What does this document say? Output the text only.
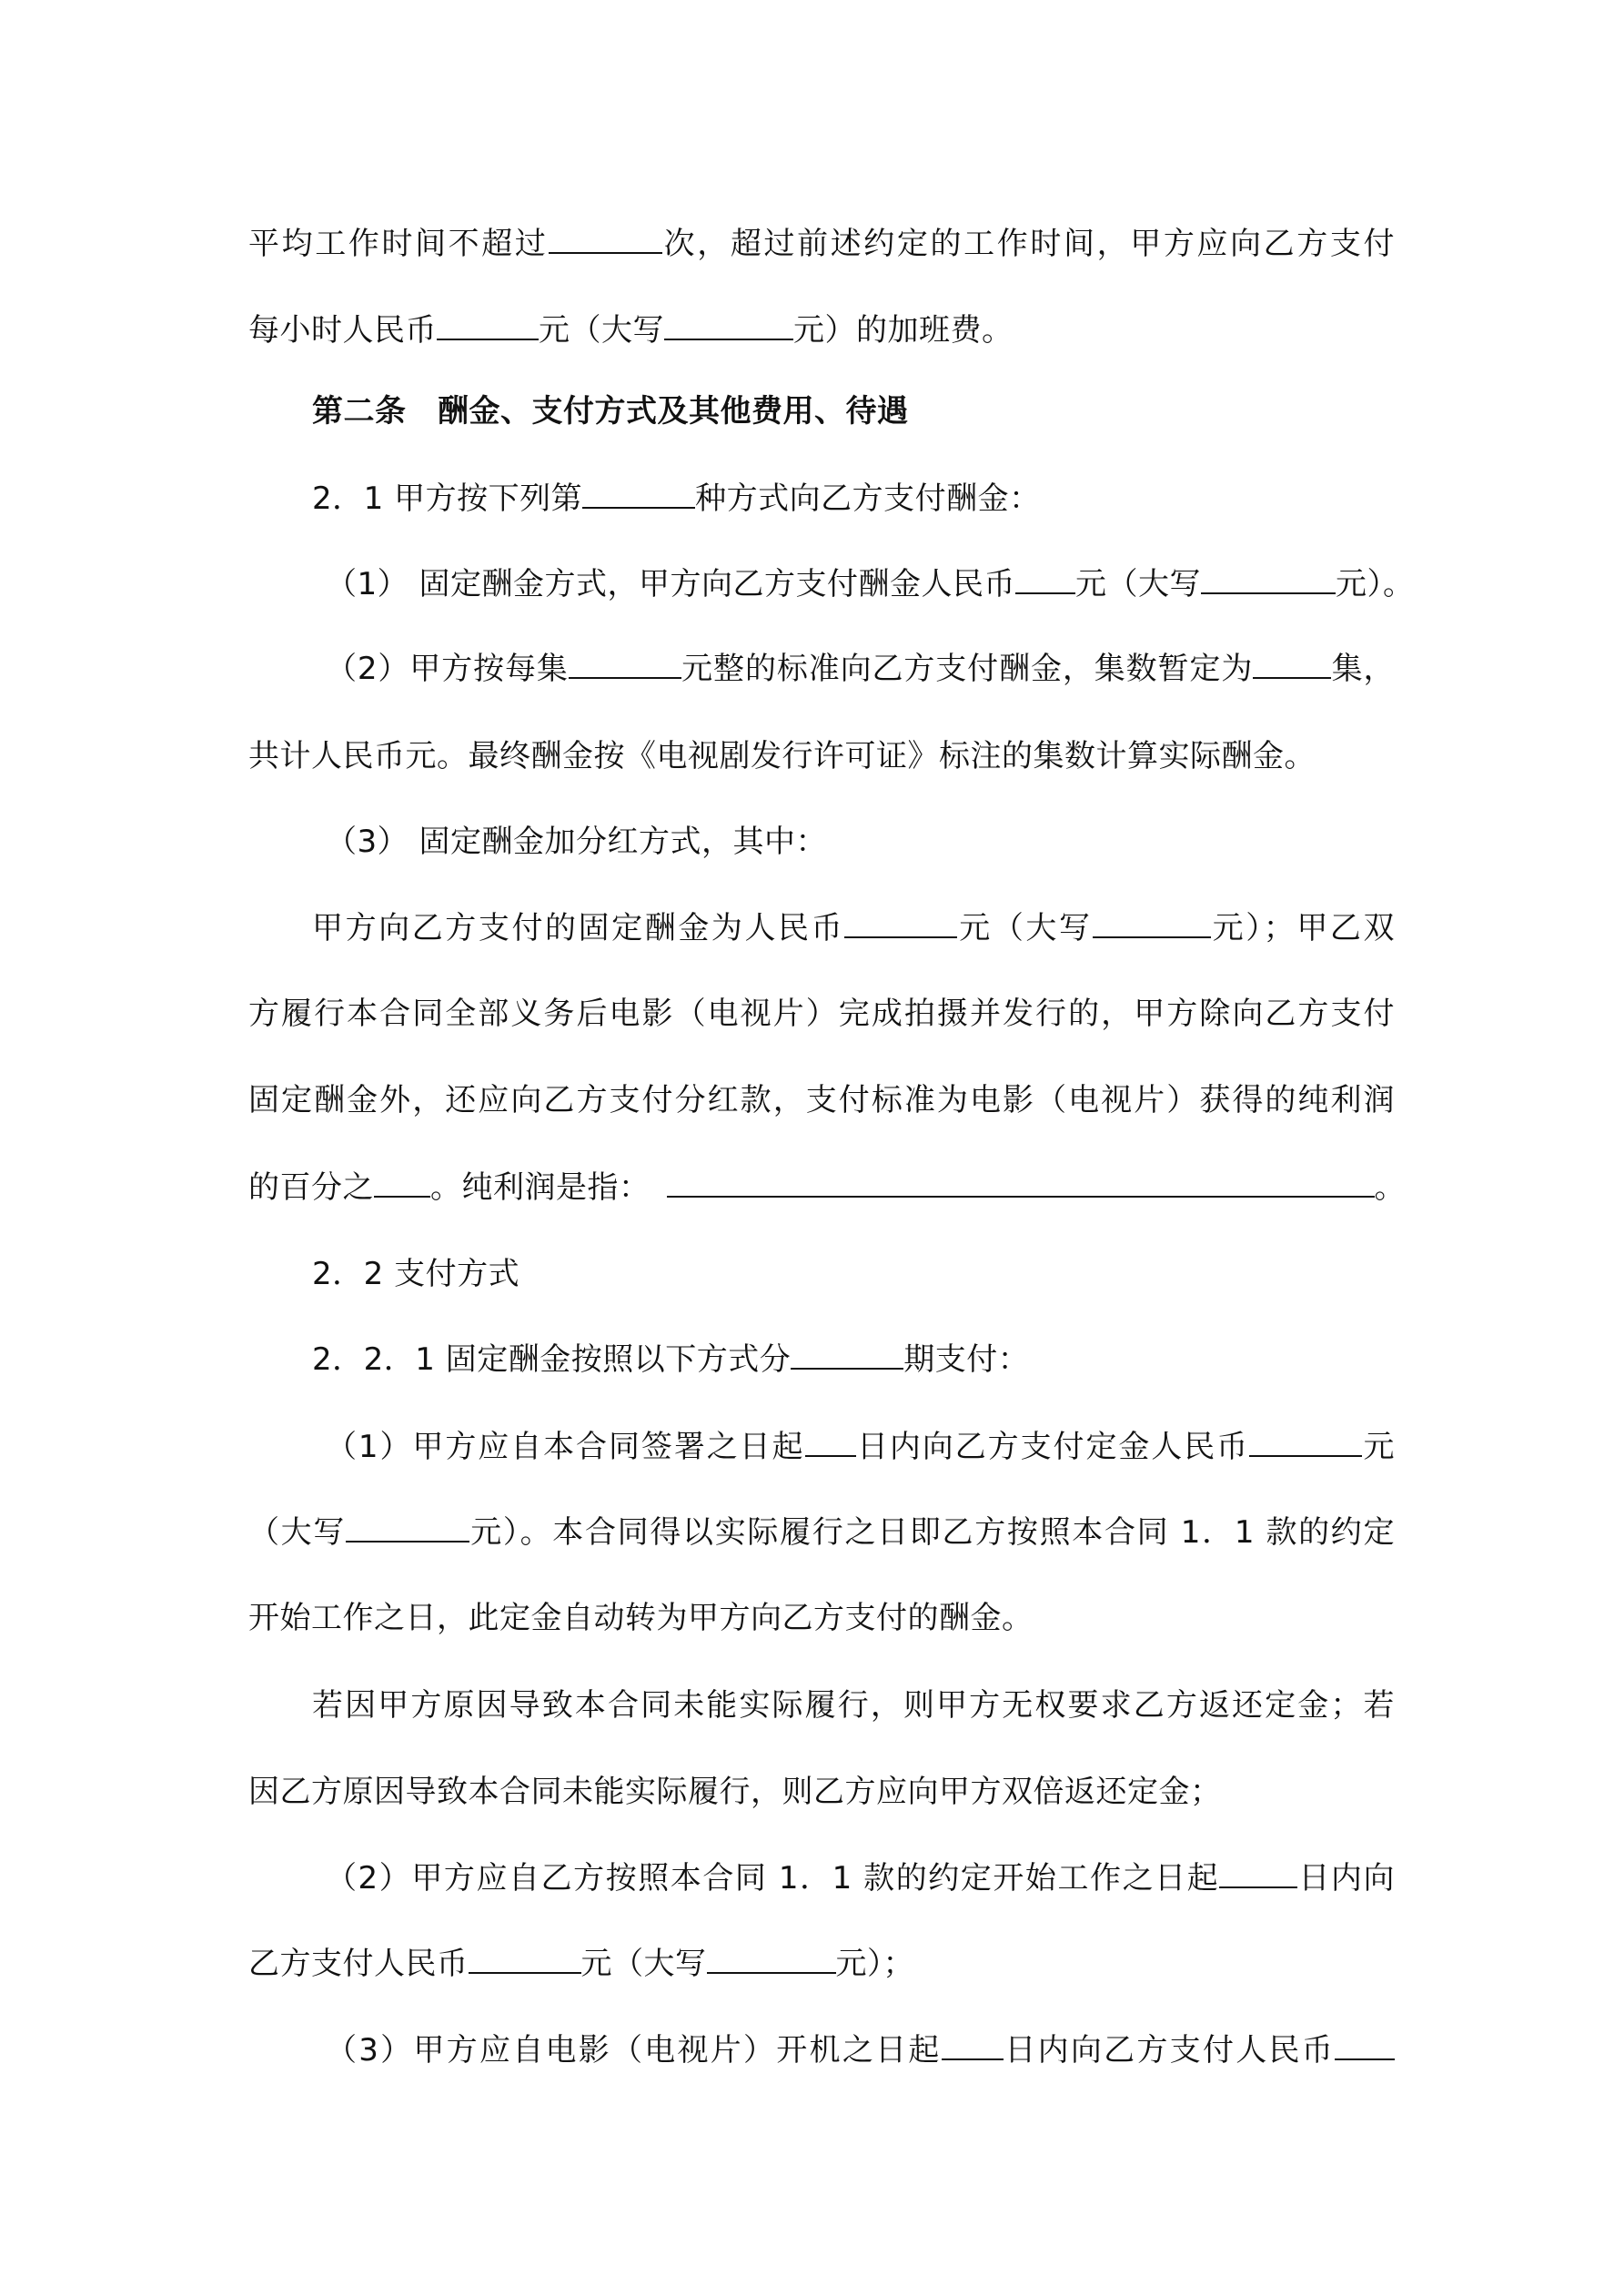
平均工作时间不超过	次，超过前述约定的工作时间，甲方应向乙方支付
每小时人民币	元（大写	元）的加班费。
第二条　酬金、支付方式及其他费用、待遇
2．1 甲方按下列第	种方式向乙方支付酬金：
（1） 固定酬金方式，甲方向乙方支付酬金人民币 元（大写	元）。
（2）甲方按每集	元整的标准向乙方支付酬金，集数暂定为	集，
共计人民币元。最终酬金按《电视剧发行许可证》标注的集数计算实际酬金。
（3） 固定酬金加分红方式，其中：
甲方向乙方支付的固定酬金为人民币	元（大写	元）；甲乙双
方履行本合同全部义务后电影（电视片）完成拍摄并发行的，甲方除向乙方支付
固定酬金外，还应向乙方支付分红款，支付标准为电影（电视片）获得的纯利润
的百分之 。纯利润是指：	。
2．2 支付方式
2．2．1 固定酬金按照以下方式分	期支付：
（1）甲方应自本合同签署之日起 日内向乙方支付定金人民币	元
（大写	元）。本合同得以实际履行之日即乙方按照本合同 1．1 款的约定
开始工作之日，此定金自动转为甲方向乙方支付的酬金。
若因甲方原因导致本合同未能实际履行，则甲方无权要求乙方返还定金；若
因乙方原因导致本合同未能实际履行，则乙方应向甲方双倍返还定金；
（2）甲方应自乙方按照本合同 1．1 款的约定开始工作之日起	日内向
乙方支付人民币	元（大写	元）；
（3）甲方应自电影（电视片）开机之日起 日内向乙方支付人民币
